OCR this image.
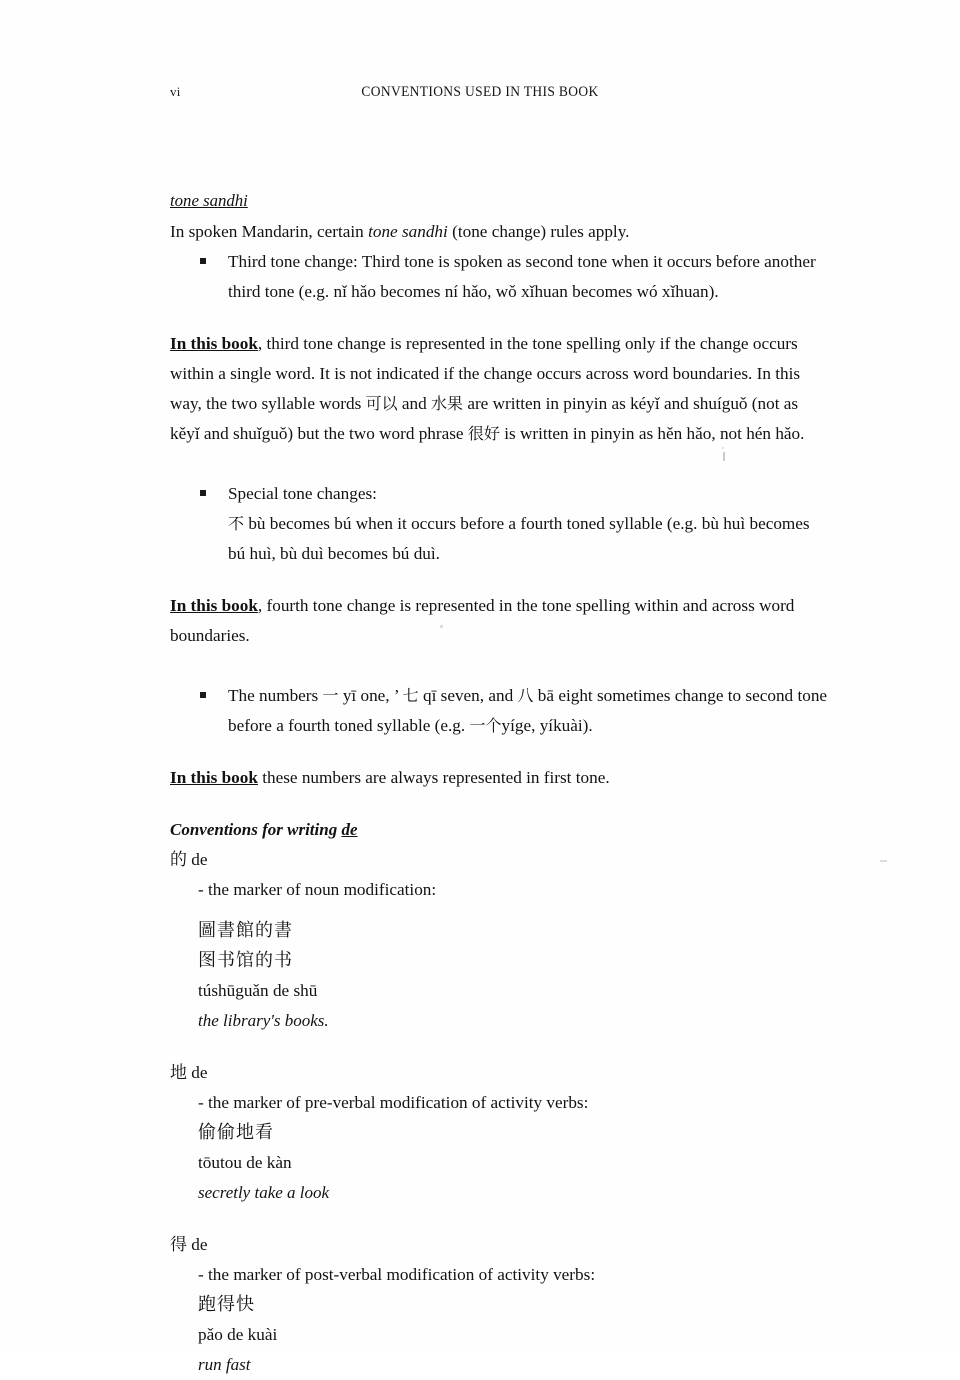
vi	CONVENTIONS USED IN THIS BOOK
tone sandhi

In spoken Mandarin, certain tone sandhi (tone change) rules apply.

Third tone change: Third tone is spoken as second tone when it occurs before another third tone (e.g. nǐ hǎo becomes ní hǎo, wǒ xǐhuan becomes wó xǐhuan).

In this book, third tone change is represented in the tone spelling only if the change occurs within a single word. It is not indicated if the change occurs across word boundaries. In this way, the two syllable words 可以 and 水果 are written in pinyin as kéyǐ and shuíguǒ (not as kěyǐ and shuǐguǒ) but the two word phrase 很好 is written in pinyin as hěn hǎo, not hén hǎo.

Special tone changes:
不 bù becomes bú when it occurs before a fourth toned syllable (e.g. bù huì becomes bú huì, bù duì becomes bú duì.

In this book, fourth tone change is represented in the tone spelling within and across word boundaries.

The numbers 一 yī one, ’ 七 qī seven, and 八 bā eight sometimes change to second tone before a fourth toned syllable (e.g. 一个yíge, yíkuài).

In this book these numbers are always represented in first tone.

Conventions for writing de
的 de
- the marker of noun modification:
圖書館的書
图书馆的书
túshūguǎn de shū
the library's books.
地 de
- the marker of pre-verbal modification of activity verbs:
偷偷地看
tōutou de kàn
secretly take a look
得 de
- the marker of post-verbal modification of activity verbs:
跑得快
pǎo de kuài
run fast
